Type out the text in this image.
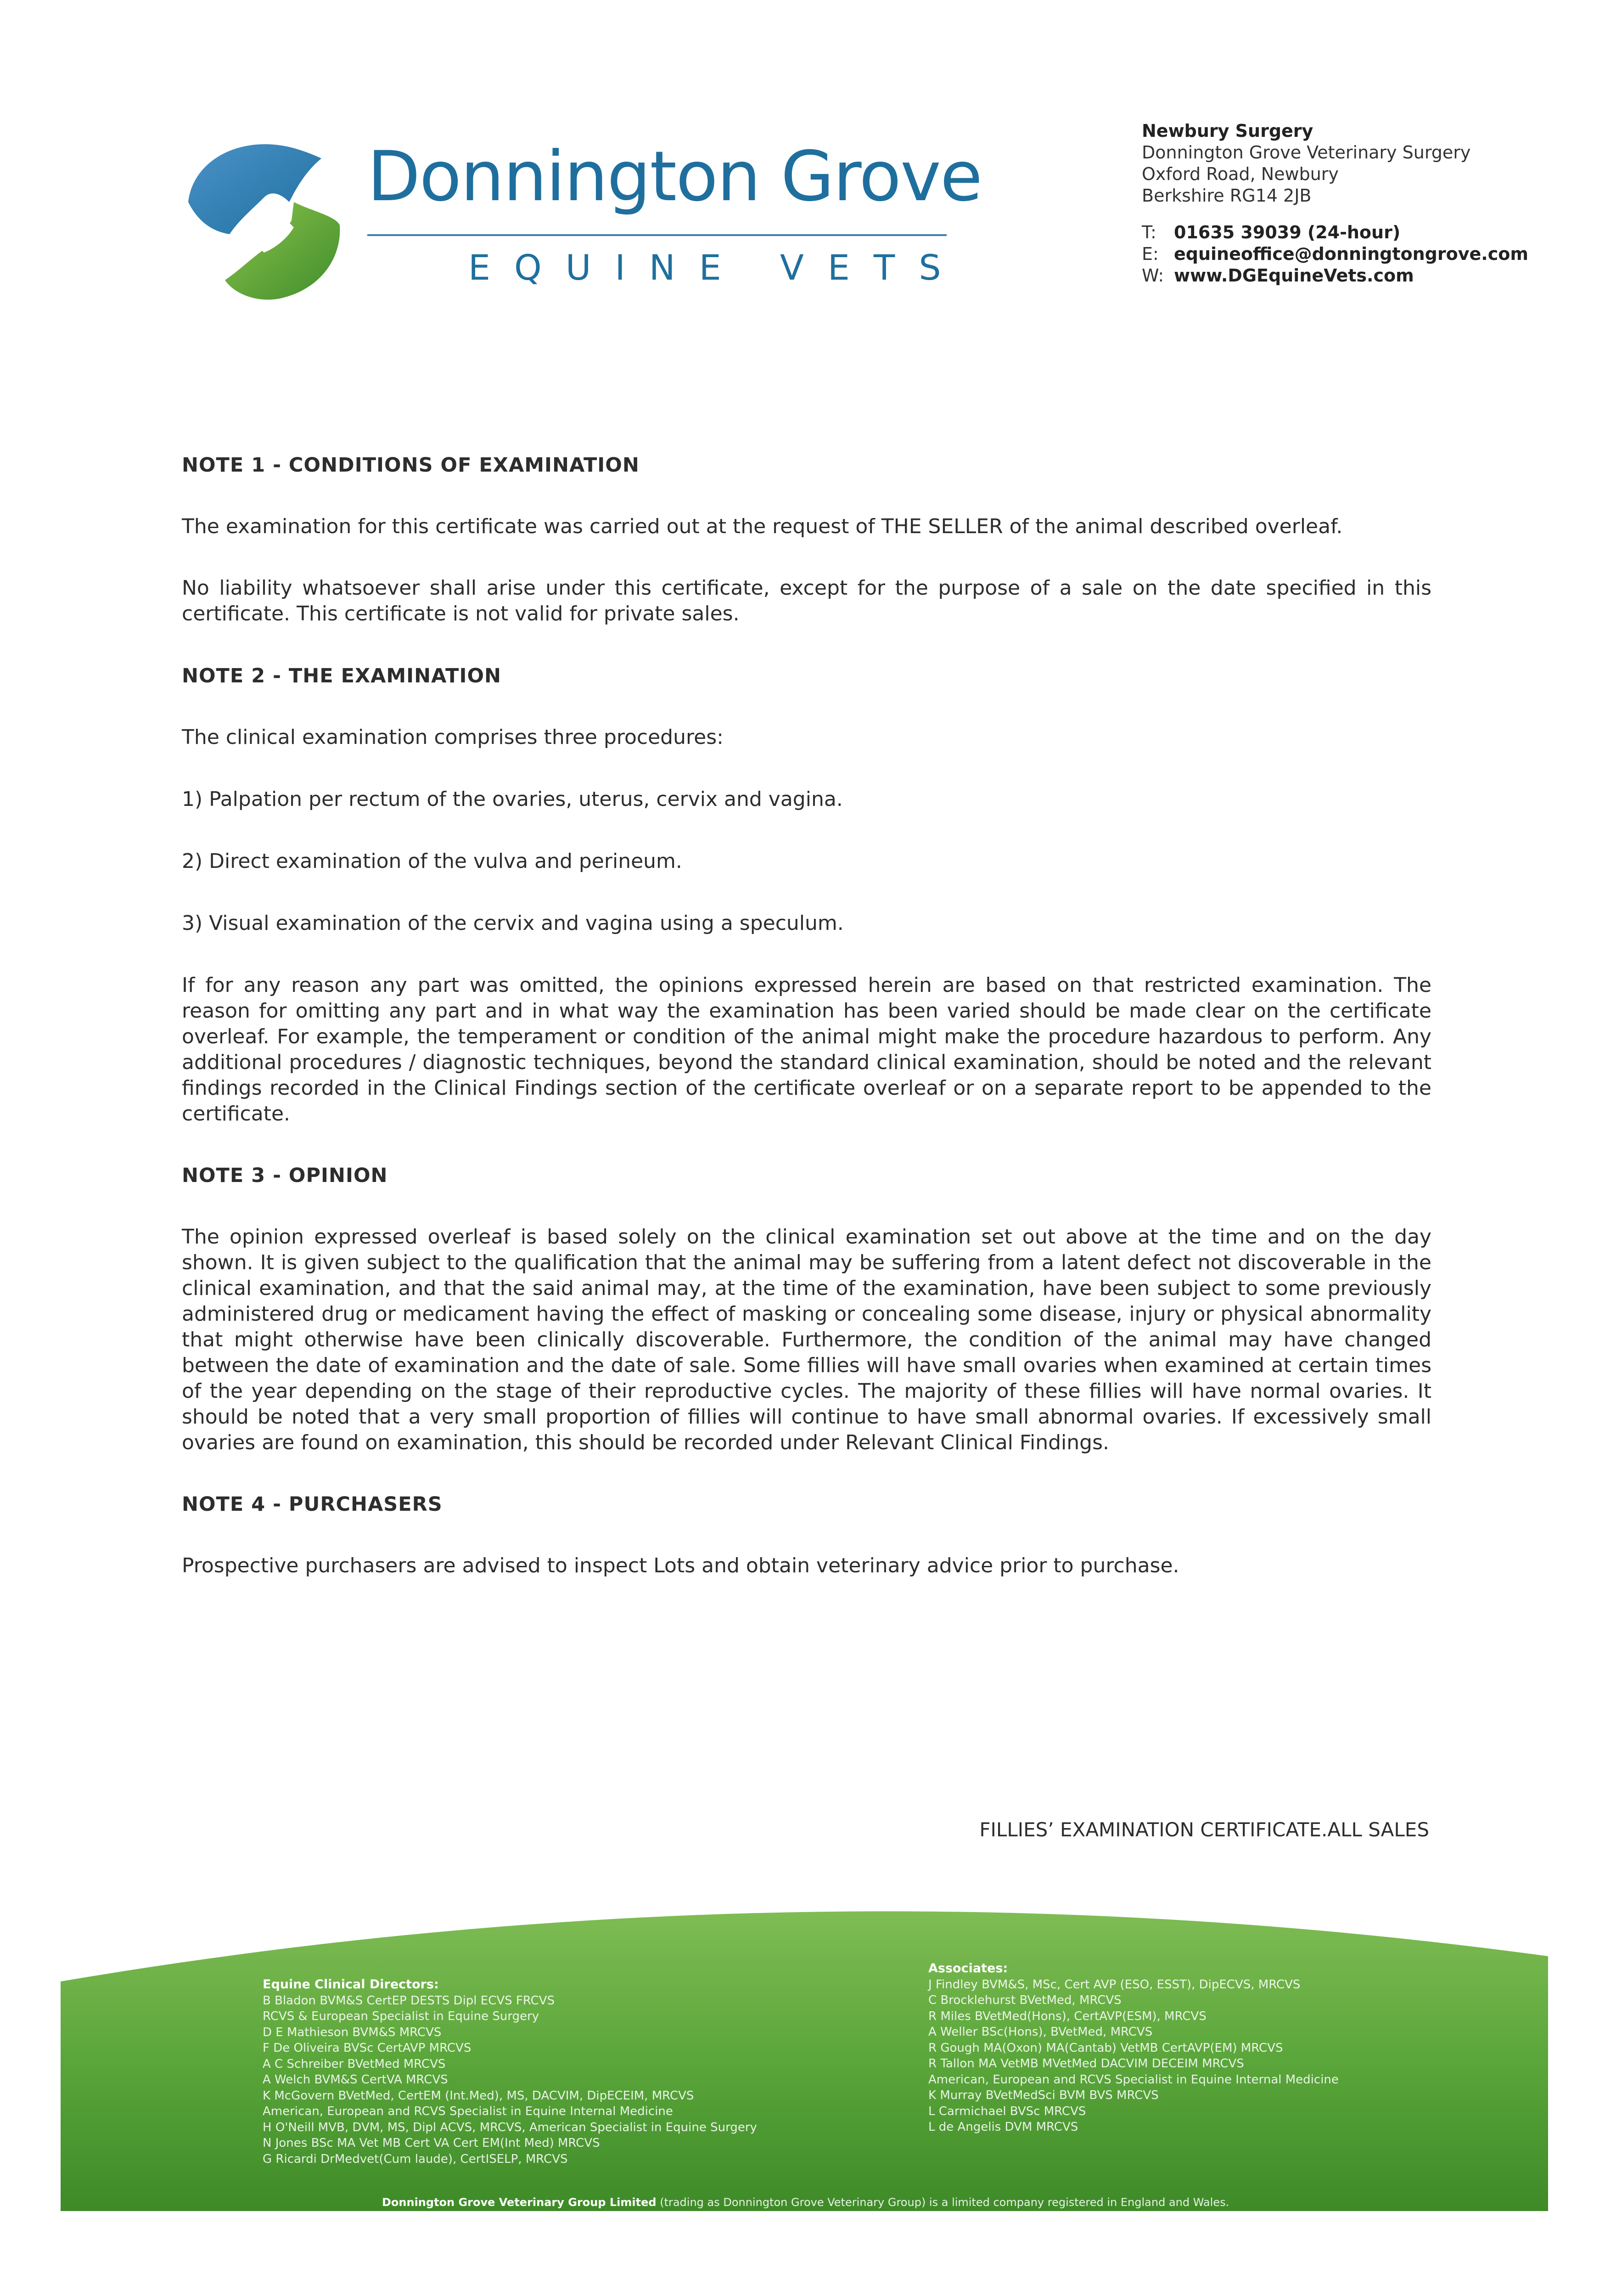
Donnington Grove
EQUINE VETS
Newbury Surgery
Donnington Grove Veterinary Surgery
Oxford Road, Newbury
Berkshire RG14 2JB
T:	01635 39039 (24-hour)
E: equineoffice@donningtongrove.com
W: www.DGEquineVets.com

NOTE 1 - CONDITIONS OF EXAMINATION

The examination for this certificate was carried out at the request of THE SELLER of the animal described overleaf.

No liability whatsoever shall arise under this certificate, except for the purpose of a sale on the date specified in this certificate. This certificate is not valid for private sales.

NOTE 2 - THE EXAMINATION

The clinical examination comprises three procedures:

1) Palpation per rectum of the ovaries, uterus, cervix and vagina.

2) Direct examination of the vulva and perineum.

3) Visual examination of the cervix and vagina using a speculum.

If for any reason any part was omitted, the opinions expressed herein are based on that restricted examination. The reason for omitting any part and in what way the examination has been varied should be made clear on the certificate overleaf. For example, the temperament or condition of the animal might make the procedure hazardous to perform. Any additional procedures / diagnostic techniques, beyond the standard clinical examination, should be noted and the relevant findings recorded in the Clinical Findings section of the certificate overleaf or on a separate report to be appended to the certificate.

NOTE 3 - OPINION

The opinion expressed overleaf is based solely on the clinical examination set out above at the time and on the day shown. It is given subject to the qualification that the animal may be suffering from a latent defect not discoverable in the clinical examination, and that the said animal may, at the time of the examination, have been subject to some previously administered drug or medicament having the effect of masking or concealing some disease, injury or physical abnormality that might otherwise have been clinically discoverable. Furthermore, the condition of the animal may have changed between the date of examination and the date of sale. Some fillies will have small ovaries when examined at certain times of the year depending on the stage of their reproductive cycles. The majority of these fillies will have normal ovaries. It should be noted that a very small proportion of fillies will continue to have small abnormal ovaries. If excessively small ovaries are found on examination, this should be recorded under Relevant Clinical Findings.

NOTE 4 - PURCHASERS

Prospective purchasers are advised to inspect Lots and obtain veterinary advice prior to purchase.

FILLIES’ EXAMINATION CERTIFICATE.ALL SALES
Equine Clinical Directors:
B Bladon BVM&S CertEP DESTS Dipl ECVS FRCVS
RCVS & European Specialist in Equine Surgery
D E Mathieson BVM&S MRCVS
F De Oliveira BVSc CertAVP MRCVS
A C Schreiber BVetMed MRCVS
A Welch BVM&S CertVA MRCVS
K McGovern BVetMed, CertEM (Int.Med), MS, DACVIM, DipECEIM, MRCVS
American, European and RCVS Specialist in Equine Internal Medicine
H O'Neill MVB, DVM, MS, Dipl ACVS, MRCVS, American Specialist in Equine Surgery
N Jones BSc MA Vet MB Cert VA Cert EM(Int Med) MRCVS
G Ricardi DrMedvet(Cum laude), CertISELP, MRCVS
Associates:
J Findley BVM&S, MSc, Cert AVP (ESO, ESST), DipECVS, MRCVS
C Brocklehurst BVetMed, MRCVS
R Miles BVetMed(Hons), CertAVP(ESM), MRCVS
A Weller BSc(Hons), BVetMed, MRCVS
R Gough MA(Oxon) MA(Cantab) VetMB CertAVP(EM) MRCVS
R Tallon MA VetMB MVetMed DACVIM DECEIM MRCVS
American, European and RCVS Specialist in Equine Internal Medicine
K Murray BVetMedSci BVM BVS MRCVS
L Carmichael BVSc MRCVS
L de Angelis DVM MRCVS
Donnington Grove Veterinary Group Limited (trading as Donnington Grove Veterinary Group) is a limited company registered in England and Wales.
